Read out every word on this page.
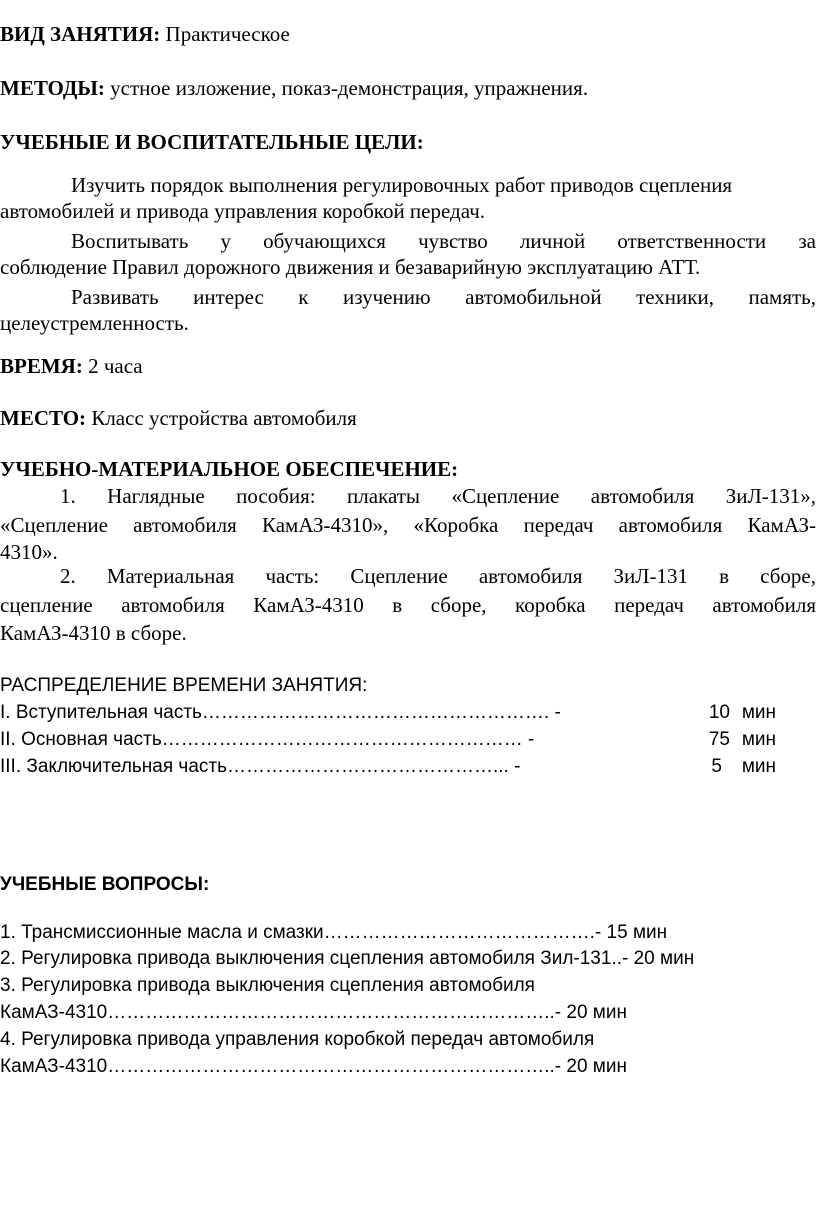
ВИД ЗАНЯТИЯ: Практическое
МЕТОДЫ: устное изложение, показ-демонстрация, упражнения.
УЧЕБНЫЕ И ВОСПИТАТЕЛЬНЫЕ ЦЕЛИ:
Изучить порядок выполнения регулировочных работ приводов сцепления
автомобилей и привода управления коробкой передач.
Воспитывать у обучающихся чувство личной ответственности за
соблюдение Правил дорожного движения и безаварийную эксплуатацию АТТ.
Развивать интерес к изучению автомобильной техники, память,
целеустремленность.
ВРЕМЯ: 2 часа
МЕСТО: Класс устройства автомобиля
УЧЕБНО-МАТЕРИАЛЬНОЕ ОБЕСПЕЧЕНИЕ:
1. Наглядные пособия: плакаты «Сцепление автомобиля ЗиЛ-131»,
«Сцепление автомобиля КамАЗ-4310», «Коробка передач автомобиля КамАЗ-
4310».
2. Материальная часть: Сцепление автомобиля ЗиЛ-131 в сборе,
сцепление автомобиля КамАЗ-4310 в сборе, коробка передач автомобиля
КамАЗ-4310 в сборе.
РАСПРЕДЕЛЕНИЕ ВРЕМЕНИ ЗАНЯТИЯ:
I. Вступительная часть………………………………………………. -	10 мин
II. Основная часть………………………………………………… -	75 мин
III. Заключительная часть……………………………………... -	5	мин
УЧЕБНЫЕ ВОПРОСЫ:
1. Трансмиссионные масла и смазки…………………………………….- 15 мин
2. Регулировка привода выключения сцепления автомобиля Зил-131..- 20 мин
3. Регулировка привода выключения сцепления автомобиля
КамАЗ-4310……………………………………………………………..- 20 мин
4. Регулировка привода управления коробкой передач автомобиля
КамАЗ-4310……………………………………………………………..- 20 мин
